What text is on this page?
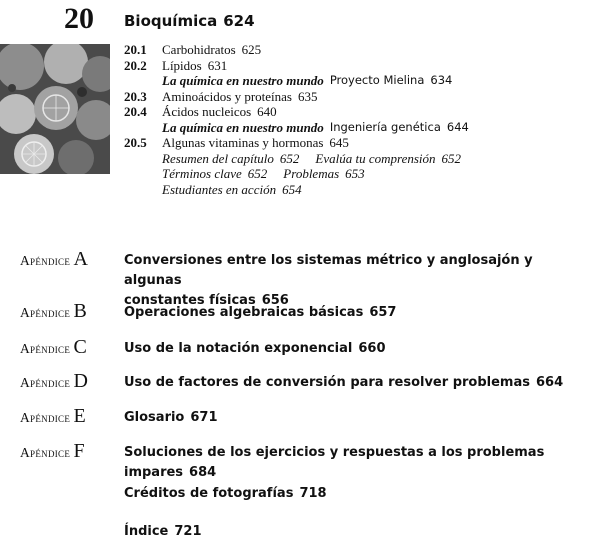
20 Bioquímica 624
20.1	Carbohidratos 625
20.2	Lípidos 631
La química en nuestro mundo Proyecto Mielina 634
20.3	Aminoácidos y proteínas 635
20.4	Ácidos nucleicos 640
La química en nuestro mundo Ingeniería genética 644
20.5	Algunas vitaminas y hormonas 645
Resumen del capítulo 652 Evalúa tu comprensión 652
Términos clave 652 Problemas 653
Estudiantes en acción 654
Apéndice A	Conversiones entre los sistemas métrico y anglosajón y algunas
constantes físicas 656
Apéndice B	Operaciones algebraicas básicas 657
Apéndice C	Uso de la notación exponencial 660
Apéndice D	Uso de factores de conversión para resolver problemas 664
Apéndice E	Glosario 671
Apéndice F	Soluciones de los ejercicios y respuestas a los problemas impares 684
Créditos de fotografías 718
Índice 721
